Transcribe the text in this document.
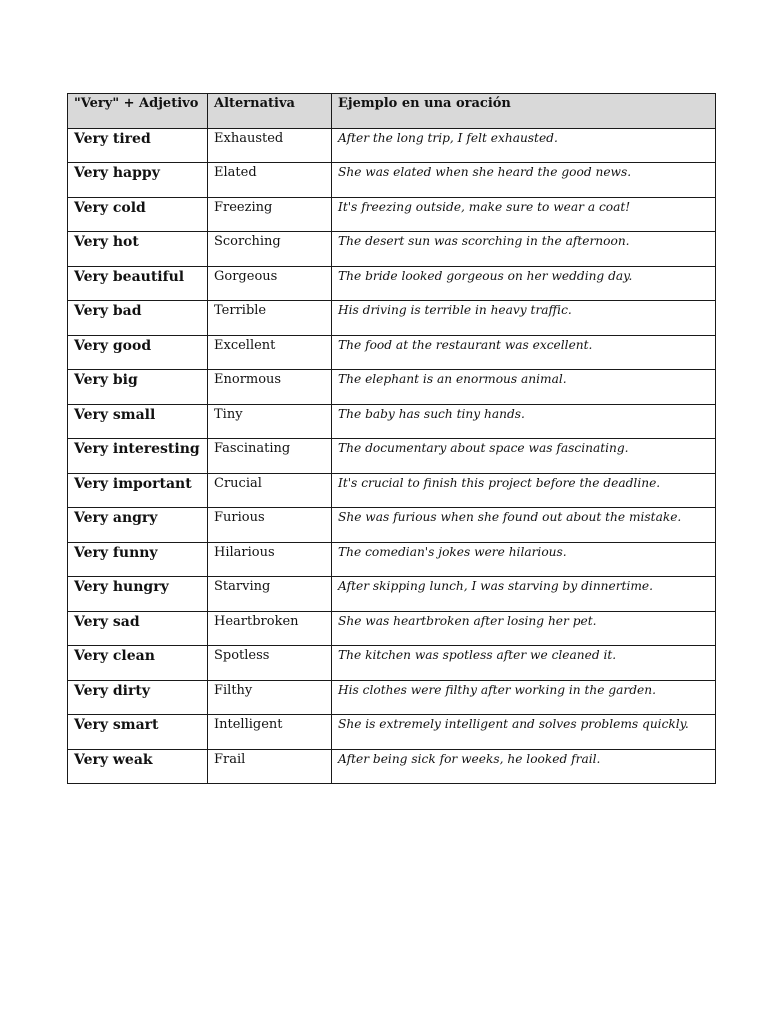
"Very" + Adjetivo	Alternativa	Ejemplo en una oración
Very tired	Exhausted	After the long trip, I felt exhausted.
Very happy	Elated	She was elated when she heard the good news.
Very cold	Freezing	It's freezing outside, make sure to wear a coat!
Very hot	Scorching	The desert sun was scorching in the afternoon.
Very beautiful	Gorgeous	The bride looked gorgeous on her wedding day.
Very bad	Terrible	His driving is terrible in heavy traffic.
Very good	Excellent	The food at the restaurant was excellent.
Very big	Enormous	The elephant is an enormous animal.
Very small	Tiny	The baby has such tiny hands.
Very interesting	Fascinating	The documentary about space was fascinating.
Very important	Crucial	It's crucial to finish this project before the deadline.
Very angry	Furious	She was furious when she found out about the mistake.
Very funny	Hilarious	The comedian's jokes were hilarious.
Very hungry	Starving	After skipping lunch, I was starving by dinnertime.
Very sad	Heartbroken	She was heartbroken after losing her pet.
Very clean	Spotless	The kitchen was spotless after we cleaned it.
Very dirty	Filthy	His clothes were filthy after working in the garden.
Very smart	Intelligent	She is extremely intelligent and solves problems quickly.
Very weak	Frail	After being sick for weeks, he looked frail.
